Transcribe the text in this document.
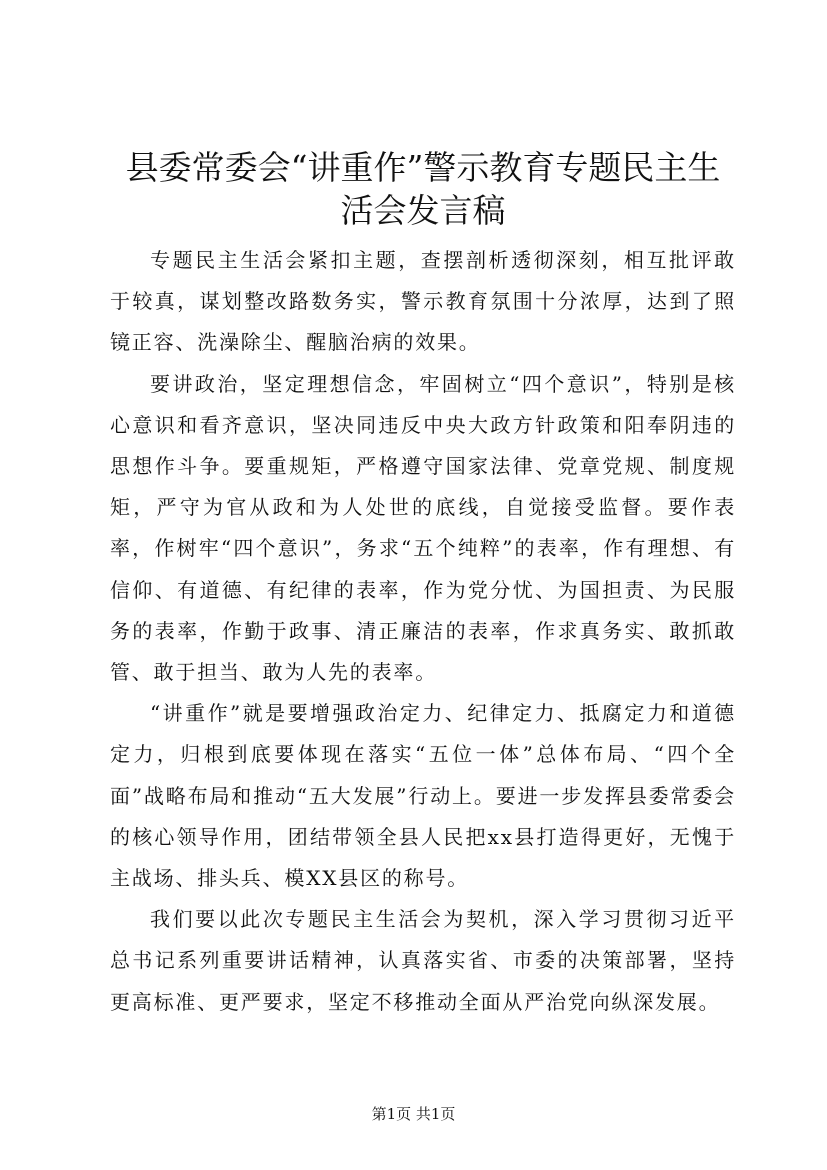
县委常委会“讲重作”警示教育专题民主生活会发言稿

专题民主生活会紧扣主题，查摆剖析透彻深刻，相互批评敢于较真，谋划整改路数务实，警示教育氛围十分浓厚，达到了照镜正容、洗澡除尘、醒脑治病的效果。

要讲政治，坚定理想信念，牢固树立“四个意识”，特别是核心意识和看齐意识，坚决同违反中央大政方针政策和阳奉阴违的思想作斗争。要重规矩，严格遵守国家法律、党章党规、制度规矩，严守为官从政和为人处世的底线，自觉接受监督。要作表率，作树牢“四个意识”，务求“五个纯粹”的表率，作有理想、有信仰、有道德、有纪律的表率，作为党分忧、为国担责、为民服务的表率，作勤于政事、清正廉洁的表率，作求真务实、敢抓敢管、敢于担当、敢为人先的表率。

“讲重作”就是要增强政治定力、纪律定力、抵腐定力和道德定力，归根到底要体现在落实“五位一体”总体布局、“四个全面”战略布局和推动“五大发展”行动上。要进一步发挥县委常委会的核心领导作用，团结带领全县人民把xx县打造得更好，无愧于主战场、排头兵、模XX县区的称号。

我们要以此次专题民主生活会为契机，深入学习贯彻习近平总书记系列重要讲话精神，认真落实省、市委的决策部署，坚持更高标准、更严要求，坚定不移推动全面从严治党向纵深发展。

第1页 共1页
